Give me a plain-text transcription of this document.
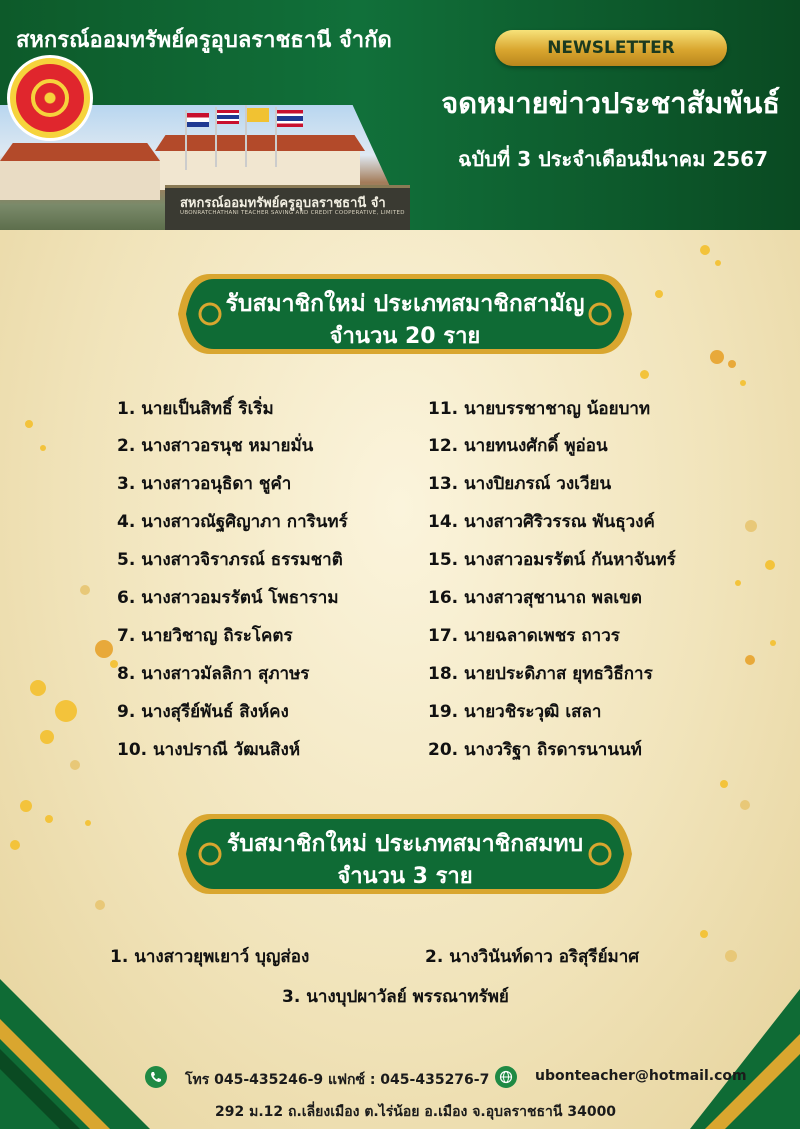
สหกรณ์ออมทรัพย์ครูอุบลราชธานี จำ
UBONRATCHATHANI TEACHER SAVING AND CREDIT COOPERATIVE, LIMITED
สหกรณ์ออมทรัพย์ครูอุบลราชธานี จำกัด	NEWSLETTER
จดหมายข่าวประชาสัมพันธ์
ฉบับที่ 3 ประจำเดือนมีนาคม 2567
รับสมาชิกใหม่ ประเภทสมาชิกสามัญ
จำนวน 20 ราย
1. นายเป็นสิทธิ์ ริเริ่ม
2. นางสาวอรนุช หมายมั่น
3. นางสาวอนุธิดา ชูคำ
4. นางสาวณัฐศิญาภา การินทร์
5. นางสาวจิราภรณ์ ธรรมชาติ
6. นางสาวอมรรัตน์ โพธาราม
7. นายวิชาญ ถิระโคตร
8. นางสาวมัลลิกา สุภาษร
9. นางสุรีย์พันธ์ สิงห์คง
10. นางปราณี วัฒนสิงห์
11. นายบรรชาชาญ น้อยบาท
12. นายทนงศักดิ์ พูอ่อน
13. นางปิยภรณ์ วงเวียน
14. นางสาวศิริวรรณ พันธุวงค์
15. นางสาวอมรรัตน์ กันหาจันทร์
16. นางสาวสุชานาถ พลเขต
17. นายฉลาดเพชร ถาวร
18. นายประดิภาส ยุทธวิธีการ
19. นายวชิระวุฒิ เสลา
20. นางวริฐา ถิรดารนานนท์
รับสมาชิกใหม่ ประเภทสมาชิกสมทบ
จำนวน 3 ราย
1. นางสาวยุพเยาว์ บุญส่อง	2. นางวินันท์ดาว อริสุรีย์มาศ
3. นางบุปผาวัลย์ พรรณาทรัพย์
โทร 045-435246-9 แฟกซ์ : 045-435276-7	ubonteacher@hotmail.com
292 ม.12 ถ.เลี่ยงเมือง ต.ไร่น้อย อ.เมือง จ.อุบลราชธานี 34000
